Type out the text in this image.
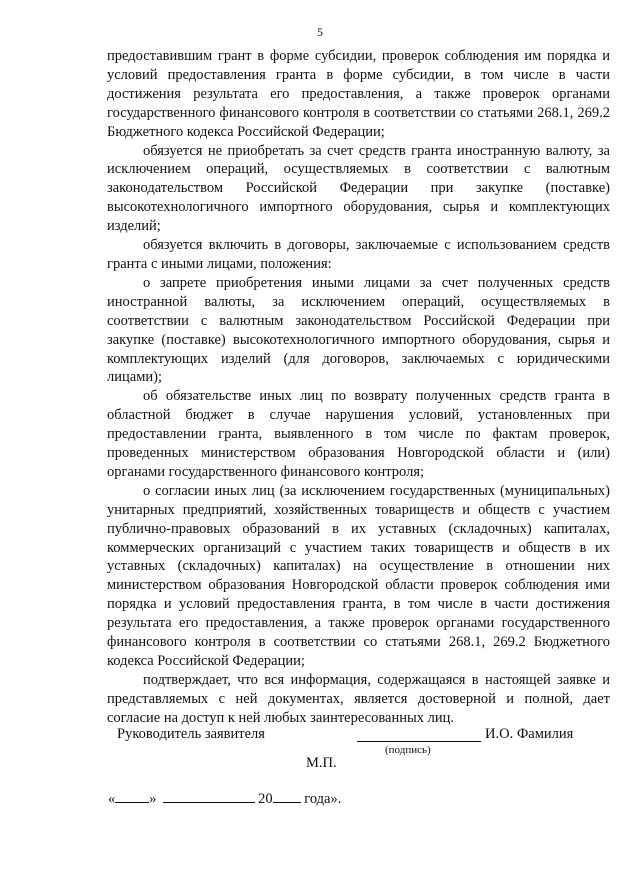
5

предоставившим грант в форме субсидии, проверок соблюдения им порядка и условий предоставления гранта в форме субсидии, в том числе в части достижения результата его предоставления, а также проверок органами государственного финансового контроля в соответствии со статьями 268.1, 269.2 Бюджетного кодекса Российской Федерации;

обязуется не приобретать за счет средств гранта иностранную валюту, за исключением операций, осуществляемых в соответствии с валютным законодательством Российской Федерации при закупке (поставке) высокотехнологичного импортного оборудования, сырья и комплектующих изделий;

обязуется включить в договоры, заключаемые с использованием средств гранта с иными лицами, положения:

о запрете приобретения иными лицами за счет полученных средств иностранной валюты, за исключением операций, осуществляемых в соответствии с валютным законодательством Российской Федерации при закупке (поставке) высокотехнологичного импортного оборудования, сырья и комплектующих изделий (для договоров, заключаемых с юридическими лицами);

об обязательстве иных лиц по возврату полученных средств гранта в областной бюджет в случае нарушения условий, установленных при предоставлении гранта, выявленного в том числе по фактам проверок, проведенных министерством образования Новгородской области и (или) органами государственного финансового контроля;

о согласии иных лиц (за исключением государственных (муниципальных) унитарных предприятий, хозяйственных товариществ и обществ с участием публично-правовых образований в их уставных (складочных) капиталах, коммерческих организаций с участием таких товариществ и обществ в их уставных (складочных) капиталах) на осуществление в отношении них министерством образования Новгородской области проверок соблюдения ими порядка и условий предоставления гранта, в том числе в части достижения результата его предоставления, а также проверок органами государственного финансового контроля в соответствии со статьями 268.1, 269.2 Бюджетного кодекса Российской Федерации;

подтверждает, что вся информация, содержащаяся в настоящей заявке и представляемых с ней документах, является достоверной и полной, дает согласие на доступ к ней любых заинтересованных лиц.

Руководитель заявителя	И.О. Фамилия
(подпись)
М.П.
« »	20 года».
